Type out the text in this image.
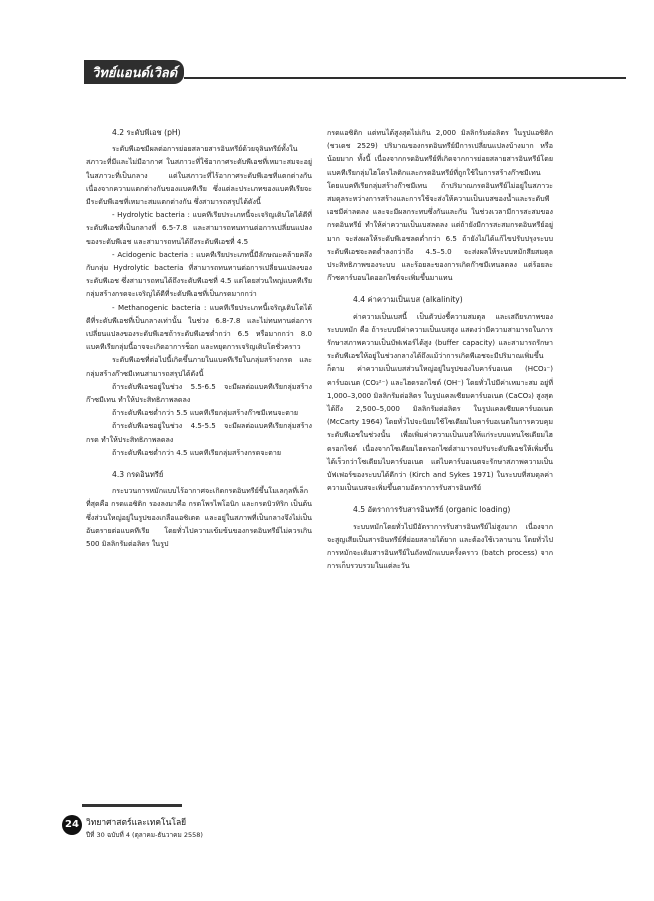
วิทย์แอนด์เวิลด์
4.2 ระดับพีเอช (pH)

ระดับพีเอชมีผลต่อการย่อยสลายสารอินทรีย์ด้วยจุลินทรีย์ทั้งในสภาวะที่มีและไม่มีอากาศ ในสภาวะที่ใช้อากาศระดับพีเอชที่เหมาะสมจะอยู่ในสภาวะที่เป็นกลาง แต่ในสภาวะที่ไร้อากาศระดับพีเอชที่แตกต่างกัน เนื่องจากความแตกต่างกันของแบคทีเรีย ซึ่งแต่ละประเภทของแบคทีเรียจะมีระดับพีเอชที่เหมาะสมแตกต่างกัน ซึ่งสามารถสรุปได้ดังนี้

- Hydrolytic bacteria : แบคทีเรียประเภทนี้จะเจริญเติบโตได้ดีที่ระดับพีเอชที่เป็นกลางที่ 6.5-7.8 และสามารถทนทานต่อการเปลี่ยนแปลงของระดับพีเอช และสามารถทนได้ถึงระดับพีเอชที่ 4.5

- Acidogenic bacteria : แบคทีเรียประเภทนี้มีลักษณะคล้ายคลึงกับกลุ่ม Hydrolytic bacteria ที่สามารถทนทานต่อการเปลี่ยนแปลงของระดับพีเอช ซึ่งสามารถทนได้ถึงระดับพีเอชที่ 4.5 แต่โดยส่วนใหญ่แบคทีเรียกลุ่มสร้างกรดจะเจริญได้ดีที่ระดับพีเอชที่เป็นกรดมากกว่า

- Methanogenic bacteria : แบคทีเรียประเภทนี้เจริญเติบโตได้ดีที่ระดับพีเอชที่เป็นกลางเท่านั้น ในช่วง 6.8-7.8 และไม่ทนทานต่อการเปลี่ยนแปลงของระดับพีเอชถ้าระดับพีเอชต่ำกว่า 6.5 หรือมากกว่า 8.0 แบคทีเรียกลุ่มนี้อาจจะเกิดอาการช็อก และหยุดการเจริญเติบโตชั่วคราว

ระดับพีเอชที่ต่อไปนี้เกิดขึ้นภายในแบคทีเรียในกลุ่มสร้างกรด และกลุ่มสร้างก๊าซมีเทนสามารถสรุปได้ดังนี้

ถ้าระดับพีเอชอยู่ในช่วง 5.5-6.5 จะมีผลต่อแบคทีเรียกลุ่มสร้างก๊าซมีเทน ทำให้ประสิทธิภาพลดลง

ถ้าระดับพีเอชต่ำกว่า 5.5 แบคทีเรียกลุ่มสร้างก๊าซมีเทนจะตาย

ถ้าระดับพีเอชอยู่ในช่วง 4.5-5.5 จะมีผลต่อแบคทีเรียกลุ่มสร้างกรด ทำให้ประสิทธิภาพลดลง

ถ้าระดับพีเอชต่ำกว่า 4.5 แบคทีเรียกลุ่มสร้างกรดจะตาย

4.3 กรดอินทรีย์

กระบวนการหมักแบบไร้อากาศจะเกิดกรดอินทรีย์ขึ้นโมเลกุลที่เล็กที่สุดคือ กรดแอซิติก รองลงมาคือ กรดโพรไพโอนิก และกรดบิวทิริก เป็นต้น ซึ่งส่วนใหญ่อยู่ในรูปของเกลือแอซิเตต และอยู่ในสภาพที่เป็นกลางจึงไม่เป็นอันตรายต่อแบคทีเรีย โดยทั่วไปความเข้มข้นของกรดอินทรีย์ไม่ควรเกิน 500 มิลลิกรัมต่อลิตร ในรูป

กรดแอซิติก แต่ทนได้สูงสุดไม่เกิน 2,000 มิลลิกรัมต่อลิตร ในรูปแอซิติก (ชวเดช 2529) ปริมาณของกรดอินทรีย์มีการเปลี่ยนแปลงบ้างมาก หรือน้อยมาก ทั้งนี้ เนื่องจากกรดอินทรีย์ที่เกิดจากการย่อยสลายสารอินทรีย์โดยแบคทีเรียกลุ่มไฮโดรไลติกและกรดอินทรีย์ที่ถูกใช้ในการสร้างก๊าซมีเทนโดยแบคทีเรียกลุ่มสร้างก๊าซมีเทน ถ้าปริมาณกรดอินทรีย์ไม่อยู่ในสภาวะสมดุลระหว่างการสร้างและการใช้จะส่งให้ความเป็นเบสของน้ำและระดับพีเอชมีค่าลดลง และจะมีผลกระทบซึ่งกันและกัน ในช่วงเวลามีการสะสมของกรดอินทรีย์ ทำให้ค่าความเป็นเบสลดลง แต่ถ้ายังมีการสะสมกรดอินทรีย์อยู่มาก จะส่งผลให้ระดับพีเอชลดต่ำกว่า 6.5 ถ้ายังไม่ได้แก้ไขปรับปรุงระบบ ระดับพีเอชจะลดต่ำลงกว่าถึง 4.5–5.0 จะส่งผลให้ระบบหมักสียสมดุล ประสิทธิภาพของระบบ และร้อยละของการเกิดก๊าซมีเทนลดลง แต่ร้อยละก๊าซคาร์บอนไดออกไซด์จะเพิ่มขึ้นมาแทน

4.4 ค่าความเป็นเบส (alkalinity)

ค่าความเป็นเบสนี้ เป็นตัวบ่งชี้ความสมดุล และเสถียรภาพของระบบหมัก คือ ถ้าระบบมีค่าความเป็นเบสสูง แสดงว่ามีความสามารถในการรักษาสภาพความเป็นบัฟเฟอร์ได้สูง (buffer capacity) และสามารถรักษาระดับพีเอชให้อยู่ในช่วงกลางได้ถึงแม้ว่าการเกิดพีเอชจะมีปริมาณเพิ่มขึ้นก็ตาม ค่าความเป็นเบสส่วนใหญ่อยู่ในรูปของไบคาร์บอเนต (HCO₃⁻) คาร์บอเนต (CO₃²⁻) และไฮดรอกไซด์ (OH⁻) โดยทั่วไปมีค่าเหมาะสม อยู่ที่ 1,000–3,000 มิลลิกรัมต่อลิตร ในรูปแคลเซียมคาร์บอเนต (CaCO₃) สูงสุดได้ถึง 2,500–5,000 มิลลิกรัมต่อลิตร ในรูปแคลเซียมคาร์บอเนต (McCarty 1964) โดยทั่วไปจะนิยมใช้โซเดียมไบคาร์บอเนตในการควบคุมระดับพีเอชในช่วงนั้น เพื่อเพิ่มค่าความเป็นเบสให้แก่ระบบแทนโซเดียมไฮดรอกไซด์ เนื่องจากโซเดียมไฮดรอกไซด์สามารถปรับระดับพีเอชให้เพิ่มขึ้นได้เร็วกว่าโซเดียมไบคาร์บอเนต แต่ไบคาร์บอเนตจะรักษาสภาพความเป็นบัฟเฟอร์ของระบบได้ดีกว่า (Kirch and Sykes 1971) ในระบบที่สมดุลค่าความเป็นเบสจะเพิ่มขึ้นตามอัตราการรับสารอินทรีย์

4.5 อัตราการรับสารอินทรีย์ (organic loading)

ระบบหมักโดยทั่วไปมีอัตราการรับสารอินทรีย์ไม่สูงมาก เนื่องจากจะสูญเสียเป็นสารอินทรีย์ที่ย่อยสลายได้ยาก และต้องใช้เวลานาน โดยทั่วไปการหมักจะเติมสารอินทรีย์ในถังหมักแบบครั้งคราว (batch process) จากการเก็บรวบรวมในแต่ละวัน

24 วิทยาศาสตร์และเทคโนโลยี
ปีที่ 30 ฉบับที่ 4 (ตุลาคม-ธันวาคม 2558)
